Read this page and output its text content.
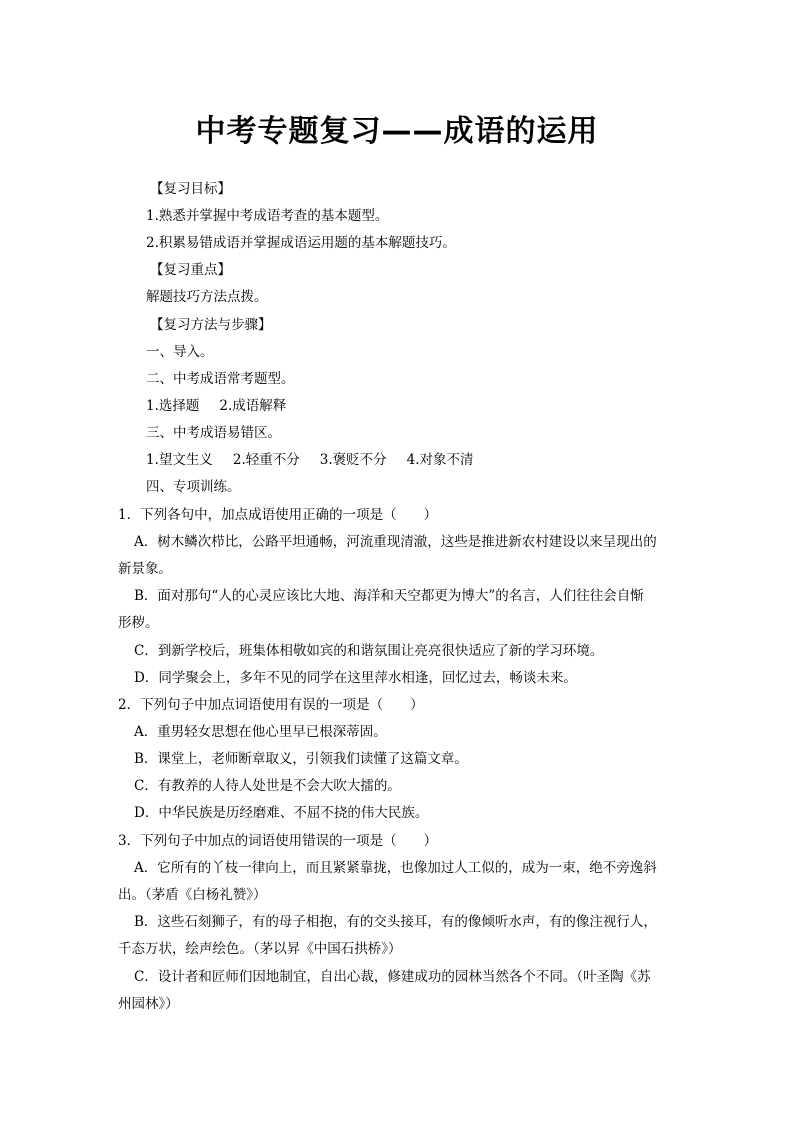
中考专题复习——成语的运用
【复习目标】
1.熟悉并掌握中考成语考查的基本题型。
2.积累易错成语并掌握成语运用题的基本解题技巧。
【复习重点】
解题技巧方法点拨。
【复习方法与步骤】
一、导入。
二、中考成语常考题型。
1.选择题 2.成语解释
三、中考成语易错区。
1.望文生义 2.轻重不分 3.褒贬不分 4.对象不清
四、专项训练。
1．下列各句中，加点成语使用正确的一项是（　　）
A．树木鳞次栉比，公路平坦通畅，河流重现清澈，这些是推进新农村建设以来呈现出的
新景象。
B．面对那句“人的心灵应该比大地、海洋和天空都更为博大”的名言，人们往往会自惭
形秽。
C．到新学校后，班集体相敬如宾的和谐氛围让亮亮很快适应了新的学习环境。
D．同学聚会上，多年不见的同学在这里萍水相逢，回忆过去，畅谈未来。
2．下列句子中加点词语使用有误的一项是（　　）
A．重男轻女思想在他心里早已根深蒂固。
B．课堂上，老师断章取义，引领我们读懂了这篇文章。
C．有教养的人待人处世是不会大吹大擂的。
D．中华民族是历经磨难、不屈不挠的伟大民族。
3．下列句子中加点的词语使用错误的一项是（　　）
A．它所有的丫枝一律向上，而且紧紧靠拢，也像加过人工似的，成为一束，绝不旁逸斜
出。（茅盾《白杨礼赞》）
B．这些石刻狮子，有的母子相抱，有的交头接耳，有的像倾听水声，有的像注视行人，
千态万状，绘声绘色。（茅以昇《中国石拱桥》）
C．设计者和匠师们因地制宜，自出心裁，修建成功的园林当然各个不同。（叶圣陶《苏
州园林》）
